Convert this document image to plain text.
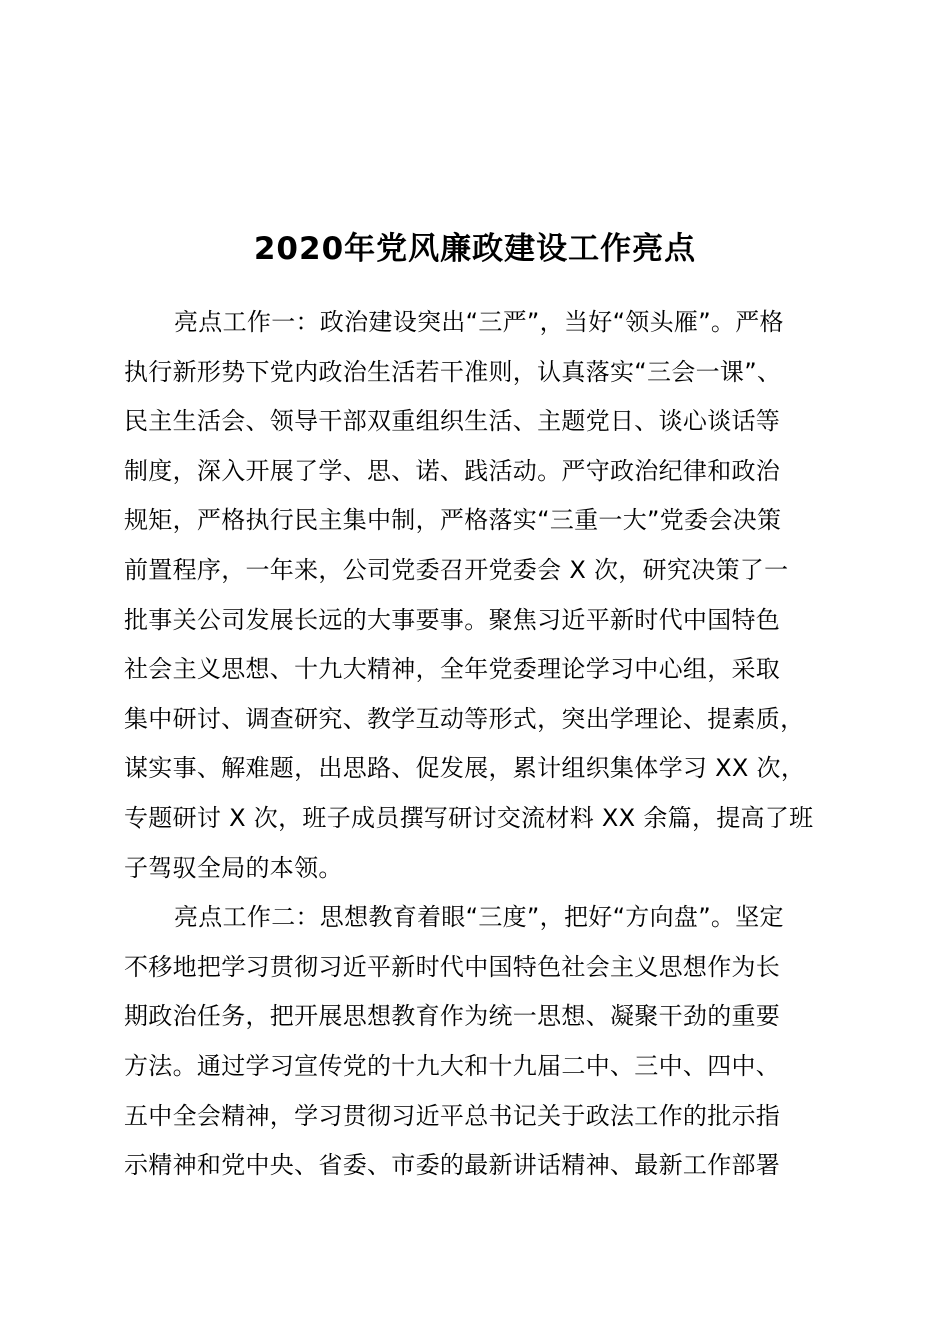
2020年党风廉政建设工作亮点
亮点工作一：政治建设突出“三严”，当好“领头雁”。严格
执行新形势下党内政治生活若干准则，认真落实“三会一课”、
民主生活会、领导干部双重组织生活、主题党日、谈心谈话等
制度，深入开展了学、思、诺、践活动。严守政治纪律和政治
规矩，严格执行民主集中制，严格落实“三重一大”党委会决策
前置程序，一年来，公司党委召开党委会 X 次，研究决策了一
批事关公司发展长远的大事要事。聚焦习近平新时代中国特色
社会主义思想、十九大精神，全年党委理论学习中心组，采取
集中研讨、调查研究、教学互动等形式，突出学理论、提素质，
谋实事、解难题，出思路、促发展，累计组织集体学习 XX 次，
专题研讨 X 次，班子成员撰写研讨交流材料 XX 余篇，提高了班
子驾驭全局的本领。
亮点工作二：思想教育着眼“三度”，把好“方向盘”。坚定
不移地把学习贯彻习近平新时代中国特色社会主义思想作为长
期政治任务，把开展思想教育作为统一思想、凝聚干劲的重要
方法。通过学习宣传党的十九大和十九届二中、三中、四中、
五中全会精神，学习贯彻习近平总书记关于政法工作的批示指
示精神和党中央、省委、市委的最新讲话精神、最新工作部署
